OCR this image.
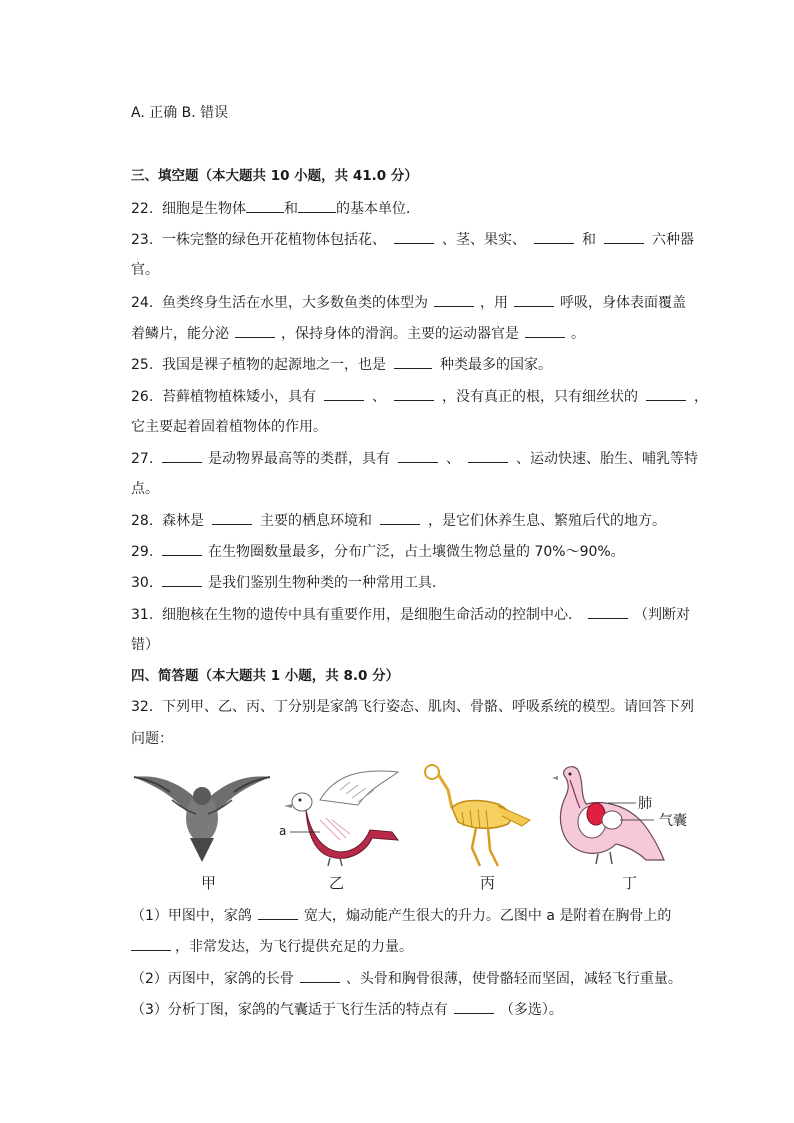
A. 正确 B. 错误
三、填空题（本大题共 10 小题，共 41.0 分）
22. 细胞是生物体	和	的基本单位．
23. 一株完整的绿色开花植物体包括花、	、茎、果实、	和	六种器
官。
24. 鱼类终身生活在水里，大多数鱼类的体型为	，用	呼吸，身体表面覆盖
着鳞片，能分泌	，保持身体的滑润。主要的运动器官是	。
25. 我国是裸子植物的起源地之一，也是	种类最多的国家。
26. 苔藓植物植株矮小，具有	、	，没有真正的根，只有细丝状的	，
它主要起着固着植物体的作用。
27.	是动物界最高等的类群，具有	、	、运动快速、胎生、哺乳等特
点。
28. 森林是	主要的栖息环境和	，是它们休养生息、繁殖后代的地方。
29.	在生物圈数量最多，分布广泛，占土壤微生物总量的 70%～90%。
30.	是我们鉴别生物种类的一种常用工具．
31. 细胞核在生物的遗传中具有重要作用，是细胞生命活动的控制中心．	（判断对
错）
四、简答题（本大题共 1 小题，共 8.0 分）
32. 下列甲、乙、丙、丁分别是家鸽飞行姿态、肌肉、骨骼、呼吸系统的模型。请回答下列
问题：
甲
a
乙	丙
肺
气囊
丁
（1）甲图中，家鸽	宽大，煽动能产生很大的升力。乙图中 a 是附着在胸骨上的
，非常发达，为飞行提供充足的力量。
（2）丙图中，家鸽的长骨	、头骨和胸骨很薄，使骨骼轻而坚固，减轻飞行重量。
（3）分析丁图，家鸽的气囊适于飞行生活的特点有	（多选）。
